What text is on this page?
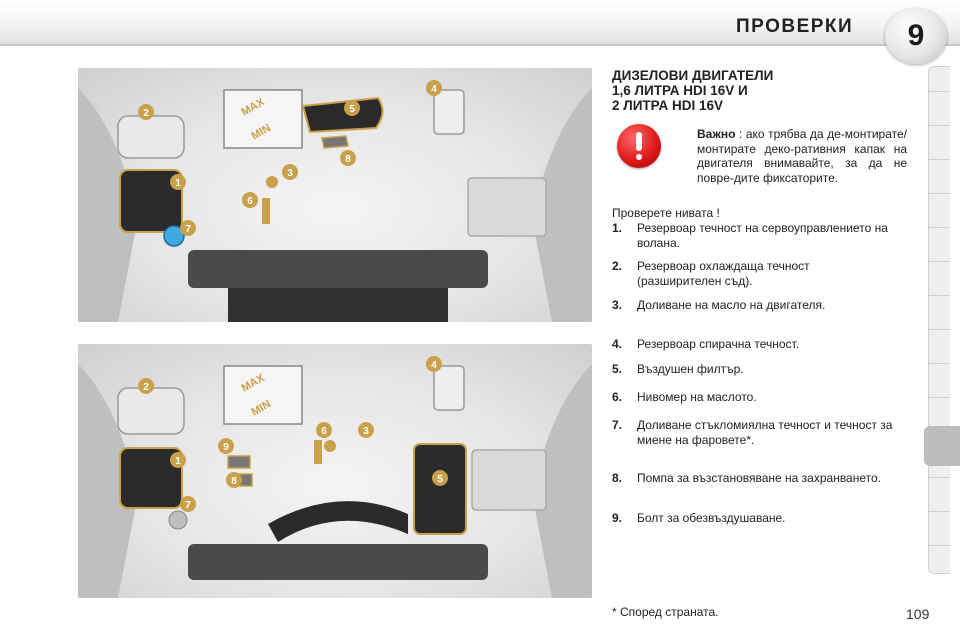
ПРОВЕРКИ	9
MAX
MIN
1
2
3
4
5
6
7
8
MAX
MIN
1
2
3
4
5
6
7
8
9
ДИЗЕЛОВИ ДВИГАТЕЛИ
1,6 ЛИТРА HDI 16V И
2 ЛИТРА HDI 16V
Важно : ако трябва да де-монтирате/монтирате деко-ративния капак на двигателя внимавайте, за да не повре-дите фиксаторите.
Проверете нивата !
1. Резервоар течност на сервоуправлението на волана.
2. Резервоар охлаждаща течност (разширителен съд).
3. Доливане на масло на двигателя.
4. Резервоар спирачна течност.
5. Въздушен филтър.
6. Нивомер на маслото.
7. Доливане стъкломиялна течност и течност за миене на фаровете*.
8. Помпа за възстановяване на захранването.
9. Болт за обезвъздушаване.
* Според страната.	109
